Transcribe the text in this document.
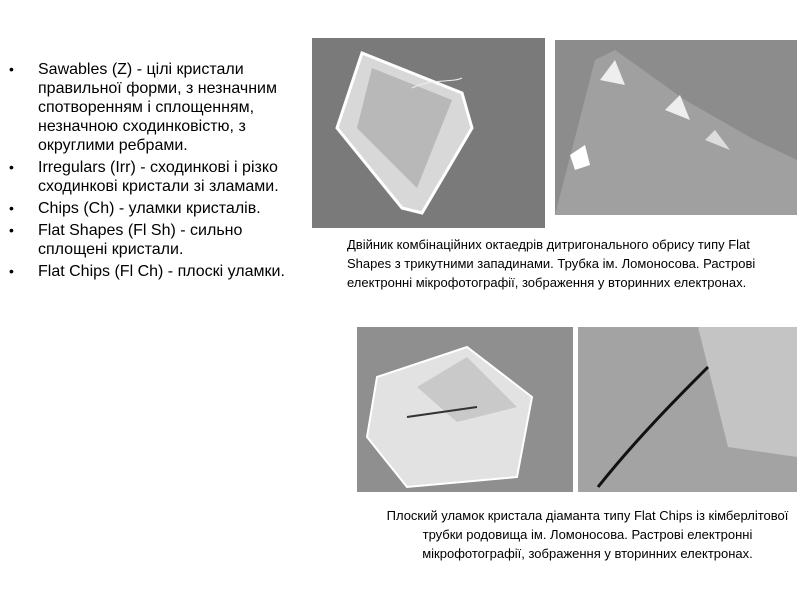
• Sawables (Z) - цілі кристали правильної форми, з незначним спотворенням і сплощенням, незначною сходинковістю, з округлими ребрами.
• Irregulars (Irr) - сходинкові і різко сходинкові кристали зі зламами.
• Chips (Ch) - уламки кристалів.
• Flat Shapes (Fl Sh) - сильно сплощені кристали.
• Flat Chips (Fl Ch) - плоскі уламки.
Двійник комбінаційних октаедрів дитригонального обрису типу Flat Shapes з трикутними западинами. Трубка ім. Ломоносова. Растрові електронні мікрофотографії, зображення у вторинних електронах.
Плоский уламок кристала діаманта типу Flat Chips із кімберлітової трубки родовища ім. Ломоносова. Растрові електронні мікрофотографії, зображення у вторинних електронах.
